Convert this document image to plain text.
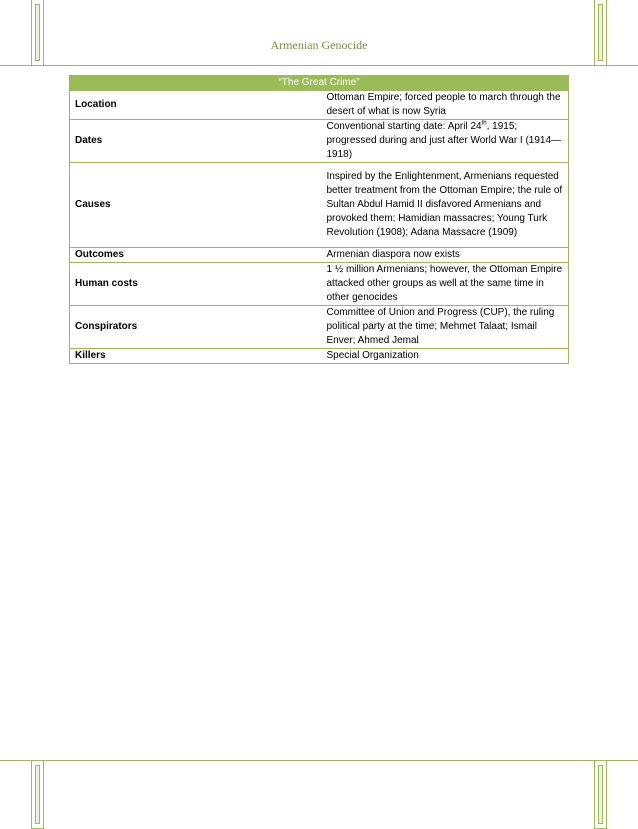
Armenian Genocide
“The Great Crime”	
Location	Ottoman Empire; forced people to march through the desert of what is now Syria
Dates	Conventional starting date: April 24th, 1915; progressed during and just after World War I (1914—1918)
Causes	Inspired by the Enlightenment, Armenians requested better treatment from the Ottoman Empire; the rule of Sultan Abdul Hamid II disfavored Armenians and provoked them; Hamidian massacres; Young Turk Revolution (1908); Adana Massacre (1909)
Outcomes	Armenian diaspora now exists
Human costs	1 ½ million Armenians; however, the Ottoman Empire attacked other groups as well at the same time in other genocides
Conspirators	Committee of Union and Progress (CUP), the ruling political party at the time; Mehmet Talaat; Ismail Enver; Ahmed Jemal
Killers	Special Organization
